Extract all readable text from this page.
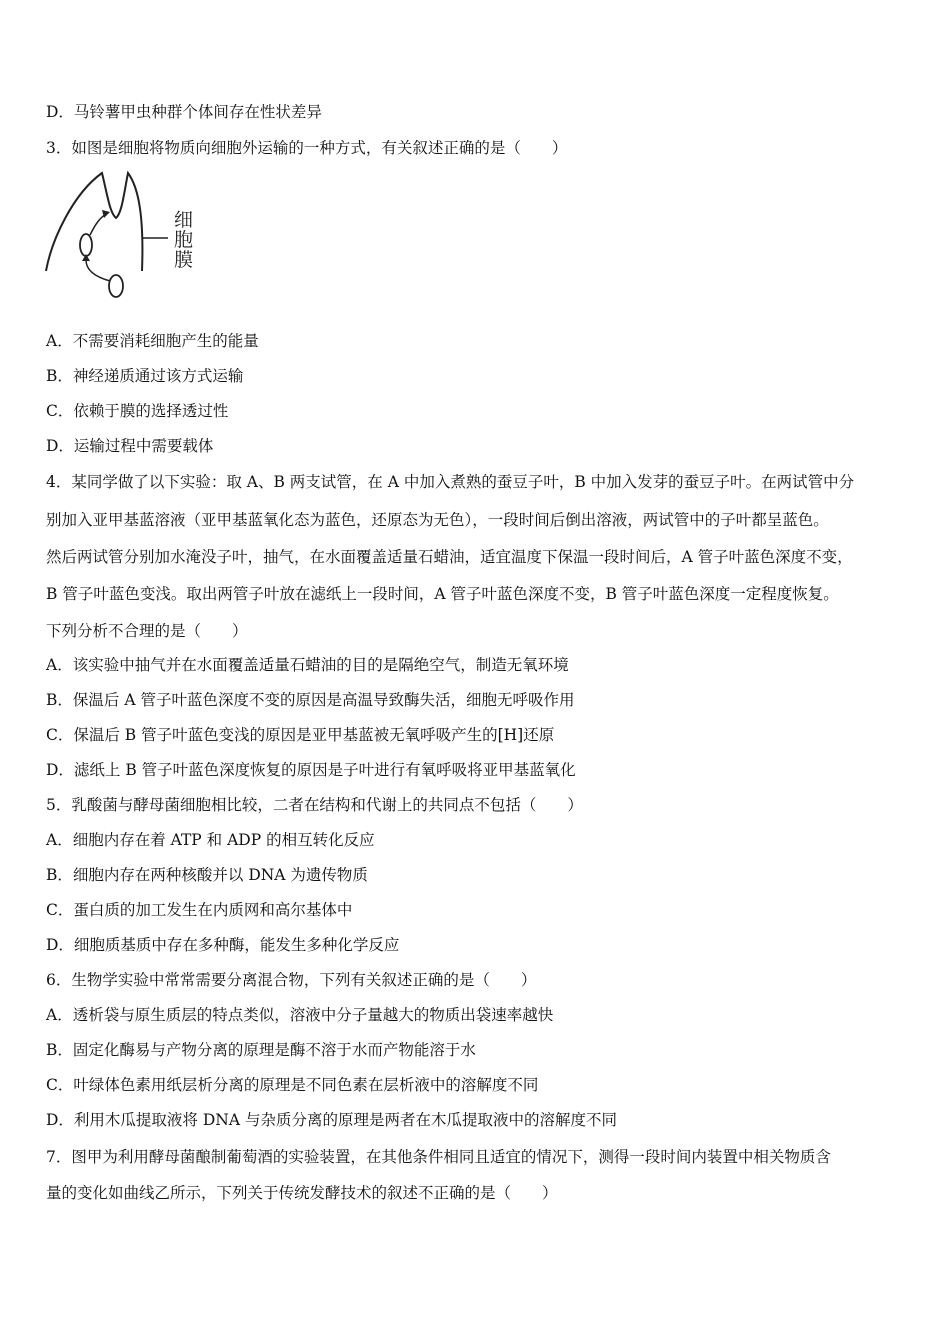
D．马铃薯甲虫种群个体间存在性状差异
3．如图是细胞将物质向细胞外运输的一种方式，有关叙述正确的是（　　）
A．不需要消耗细胞产生的能量
B．神经递质通过该方式运输
C．依赖于膜的选择透过性
D．运输过程中需要载体
4．某同学做了以下实验：取 A、B 两支试管，在 A 中加入煮熟的蚕豆子叶，B 中加入发芽的蚕豆子叶。在两试管中分
别加入亚甲基蓝溶液（亚甲基蓝氧化态为蓝色，还原态为无色），一段时间后倒出溶液，两试管中的子叶都呈蓝色。
然后两试管分别加水淹没子叶，抽气，在水面覆盖适量石蜡油，适宜温度下保温一段时间后，A 管子叶蓝色深度不变，
B 管子叶蓝色变浅。取出两管子叶放在滤纸上一段时间，A 管子叶蓝色深度不变，B 管子叶蓝色深度一定程度恢复。
下列分析不合理的是（　　）
A．该实验中抽气并在水面覆盖适量石蜡油的目的是隔绝空气，制造无氧环境
B．保温后 A 管子叶蓝色深度不变的原因是高温导致酶失活，细胞无呼吸作用
C．保温后 B 管子叶蓝色变浅的原因是亚甲基蓝被无氧呼吸产生的[H]还原
D．滤纸上 B 管子叶蓝色深度恢复的原因是子叶进行有氧呼吸将亚甲基蓝氧化
5．乳酸菌与酵母菌细胞相比较，二者在结构和代谢上的共同点不包括（　　）
A．细胞内存在着 ATP 和 ADP 的相互转化反应
B．细胞内存在两种核酸并以 DNA 为遗传物质
C．蛋白质的加工发生在内质网和高尔基体中
D．细胞质基质中存在多种酶，能发生多种化学反应
6．生物学实验中常常需要分离混合物，下列有关叙述正确的是（　　）
A．透析袋与原生质层的特点类似，溶液中分子量越大的物质出袋速率越快
B．固定化酶易与产物分离的原理是酶不溶于水而产物能溶于水
C．叶绿体色素用纸层析分离的原理是不同色素在层析液中的溶解度不同
D．利用木瓜提取液将 DNA 与杂质分离的原理是两者在木瓜提取液中的溶解度不同
7．图甲为利用酵母菌酿制葡萄酒的实验装置，在其他条件相同且适宜的情况下，测得一段时间内装置中相关物质含
量的变化如曲线乙所示，下列关于传统发酵技术的叙述不正确的是（　　）
细
胞
膜
